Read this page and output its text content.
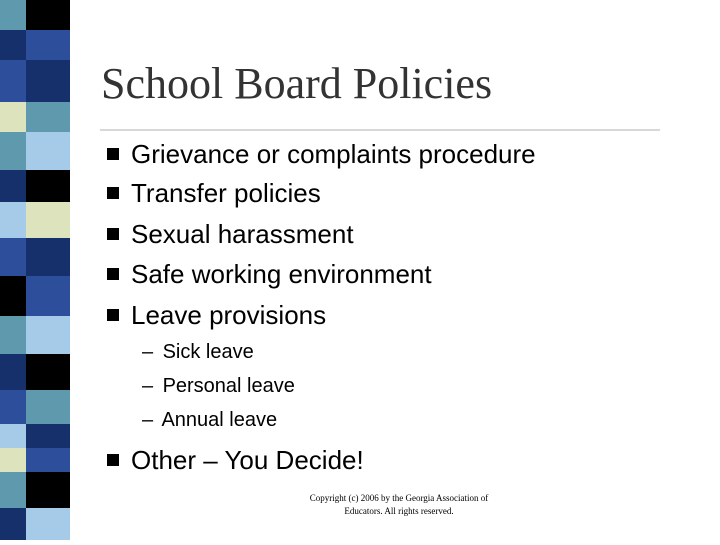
School Board Policies
Grievance or complaints procedure
Transfer policies
Sexual harassment
Safe working environment
Leave provisions
– Sick leave
– Personal leave
– Annual leave
Other – You Decide!
Copyright (c) 2006 by the Georgia Association of
Educators. All rights reserved.
